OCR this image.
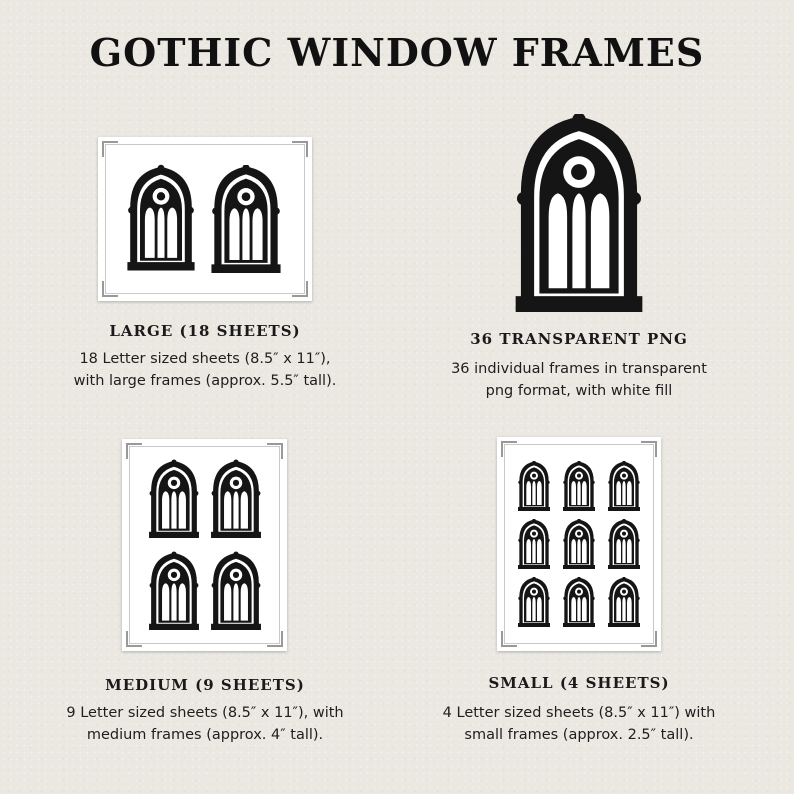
GOTHIC WINDOW FRAMES
LARGE (18 SHEETS)
18 Letter sized sheets (8.5″ x 11″),
with large frames (approx. 5.5″ tall).
36 TRANSPARENT PNG
36 individual frames in transparent
png format, with white fill
MEDIUM (9 SHEETS)
9 Letter sized sheets (8.5″ x 11″), with
medium frames (approx. 4″ tall).
SMALL (4 SHEETS)
4 Letter sized sheets (8.5″ x 11″) with
small frames (approx. 2.5″ tall).
